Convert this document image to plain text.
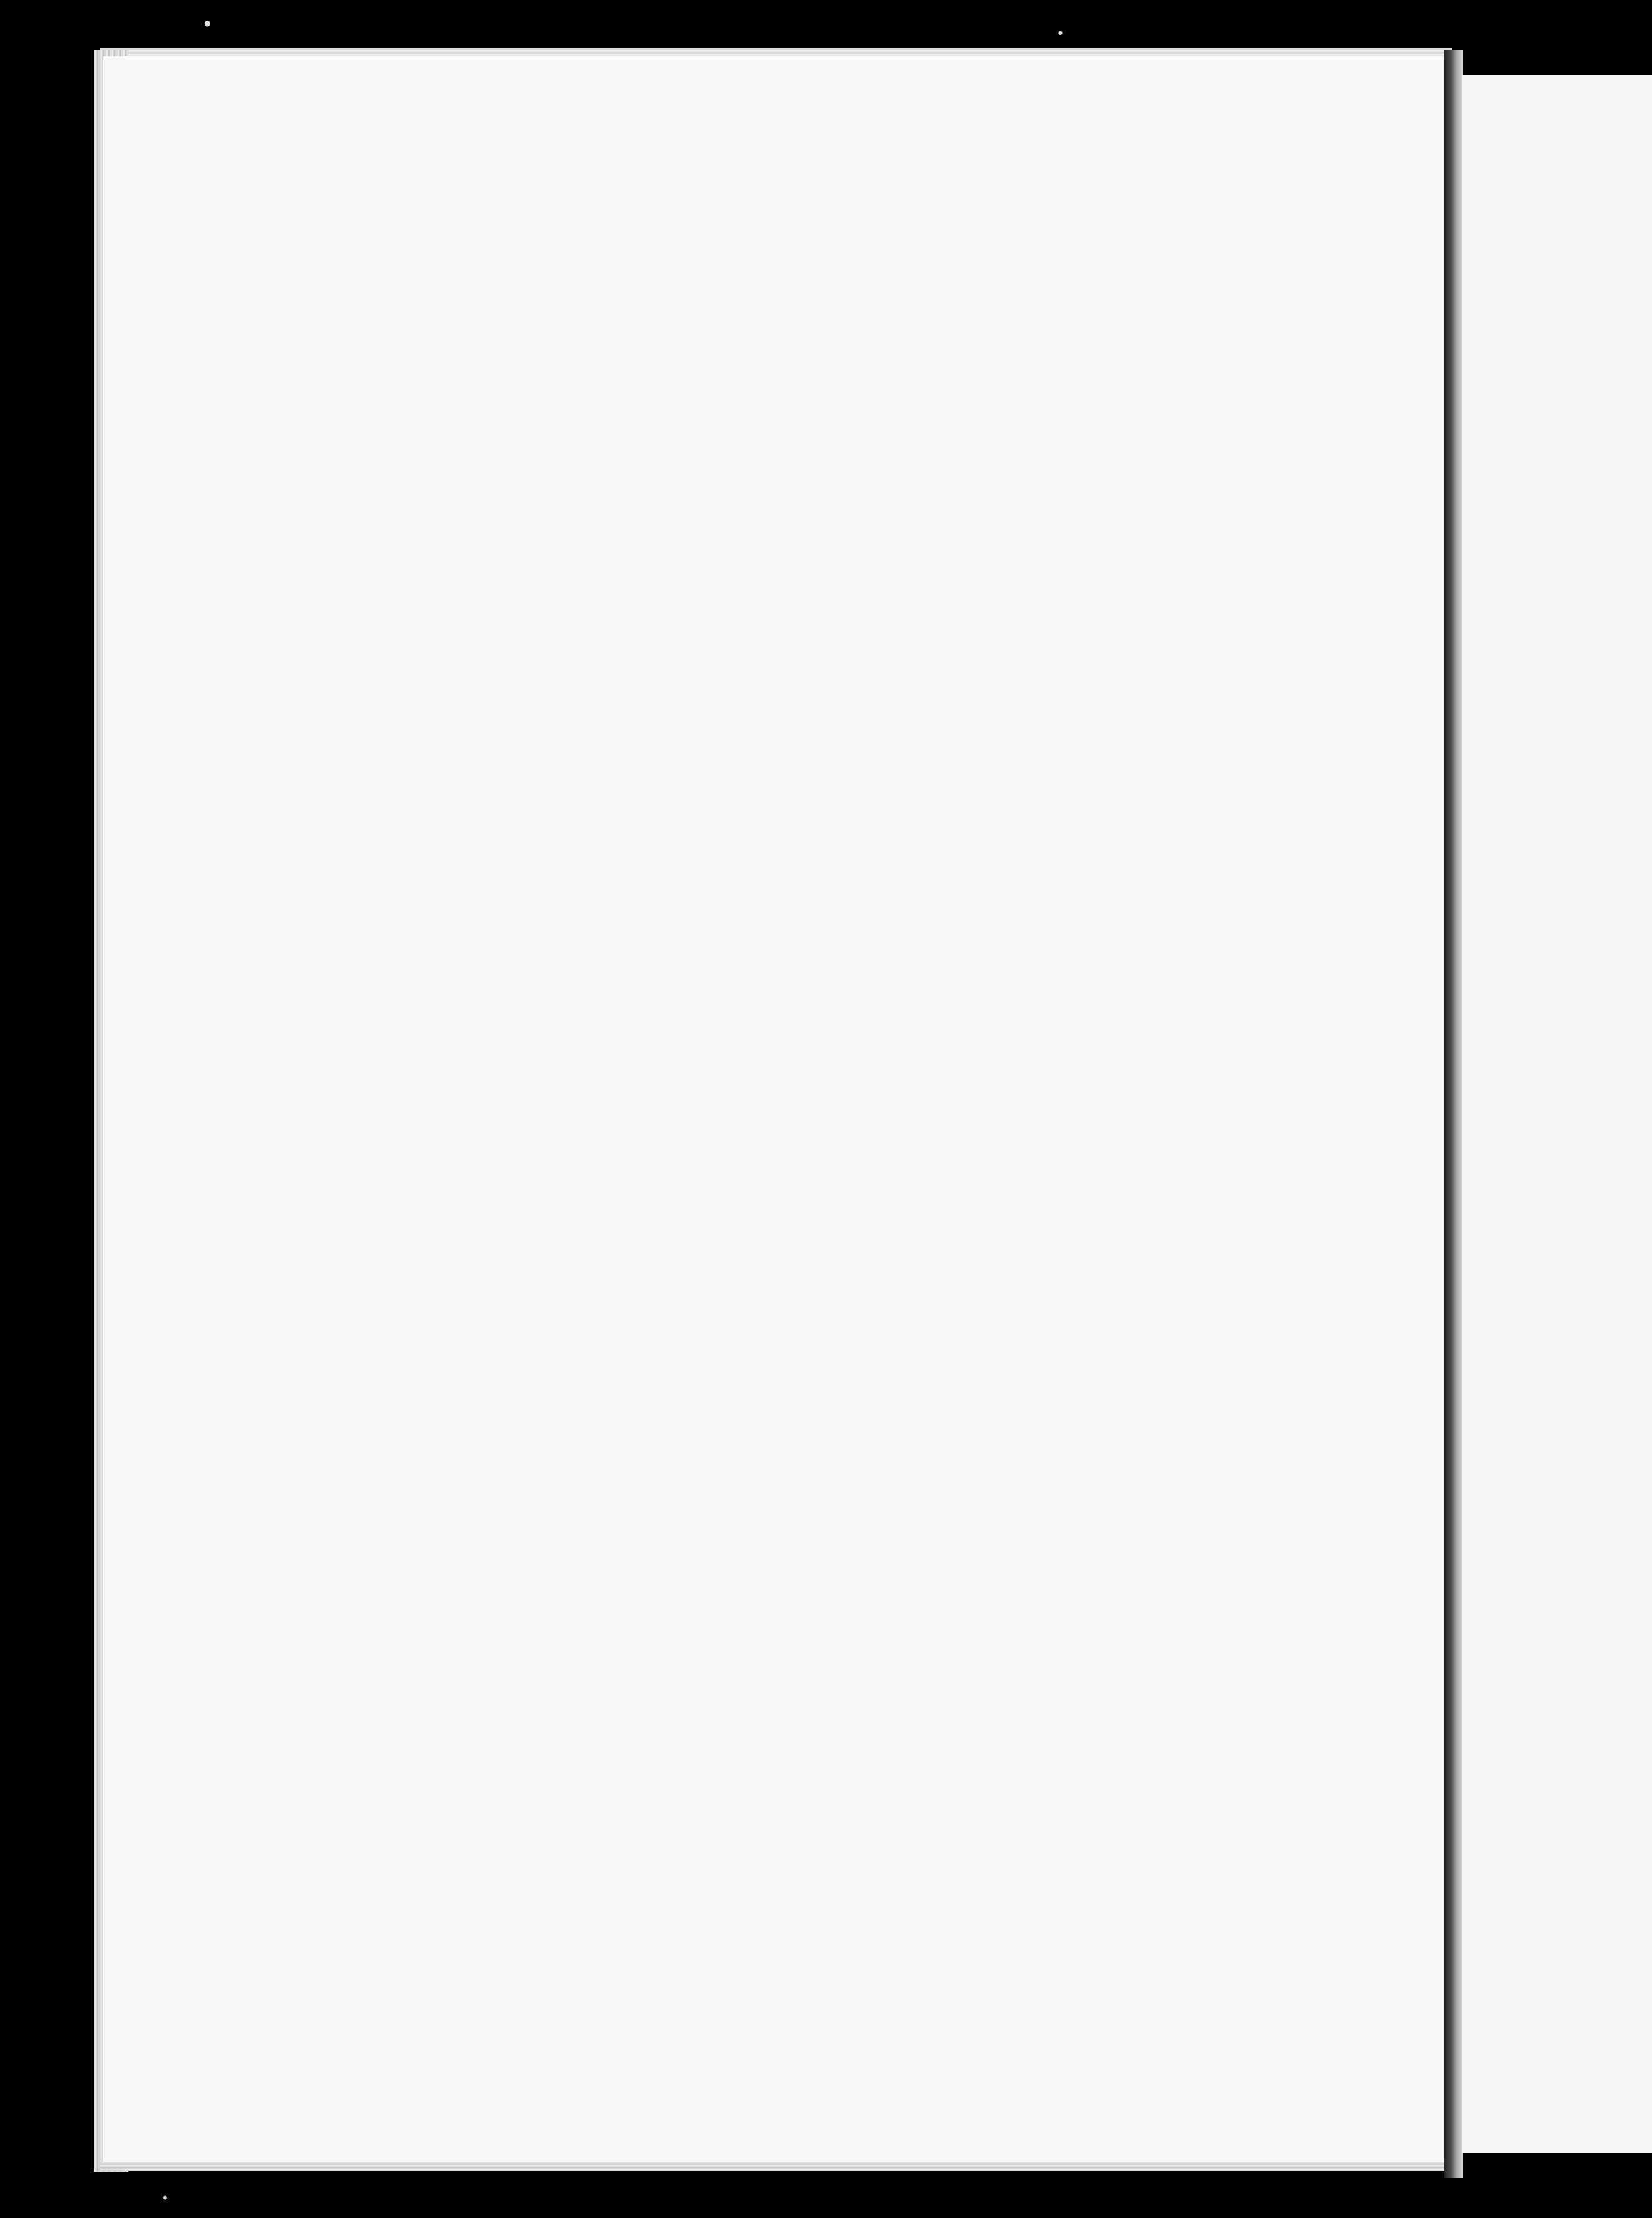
•	•
•
